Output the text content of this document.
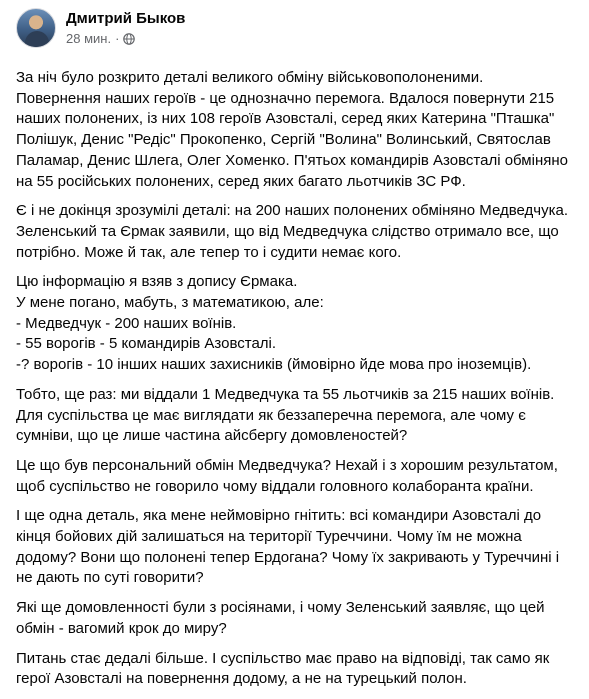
Дмитрий Быков
28 мин. ·

За ніч було розкрито деталі великого обміну військовополоненими.
Повернення наших героїв - це однозначно перемога. Вдалося повернути 215
наших полонених, із них 108 героїв Азовсталі, серед яких Катерина "Пташка"
Полішук, Денис "Редіс" Прокопенко, Сергій "Волина" Волинський, Святослав
Паламар, Денис Шлега, Олег Хоменко. П'ятьох командирів Азовсталі обміняно
на 55 російських полонених, серед яких багато льотчиків ЗС РФ.

Є і не докінця зрозумілі деталі: на 200 наших полонених обміняно Медведчука.
Зеленський та Єрмак заявили, що від Медведчука слідство отримало все, що
потрібно. Може й так, але тепер то і судити немає кого.

Цю інформацію я взяв з допису Єрмака.
У мене погано, мабуть, з математикою, але:
- Медведчук - 200 наших воїнів.
- 55 ворогів - 5 командирів Азовсталі.
-? ворогів - 10 інших наших захисників (ймовірно йде мова про іноземців).

Тобто, ще раз: ми віддали 1 Медведчука та 55 льотчиків за 215 наших воїнів.
Для суспільства це має виглядати як беззаперечна перемога, але чому є
сумніви, що це лише частина айсбергу домовленостей?

Це що був персональний обмін Медведчука? Нехай і з хорошим результатом,
щоб суспільство не говорило чому віддали головного колаборанта країни.

І ще одна деталь, яка мене неймовірно гнітить: всі командири Азовсталі до
кінця бойових дій залишаться на території Туреччини. Чому їм не можна
додому? Вони що полонені тепер Ердогана? Чому їх закривають у Туреччині і
не дають по суті говорити?

Які ще домовленності були з росіянами, і чому Зеленський заявляє, що цей
обмін - вагомий крок до миру?

Питань стає дедалі більше. І суспільство має право на відповіді, так само як
герої Азовсталі на повернення додому, а не на турецький полон.
